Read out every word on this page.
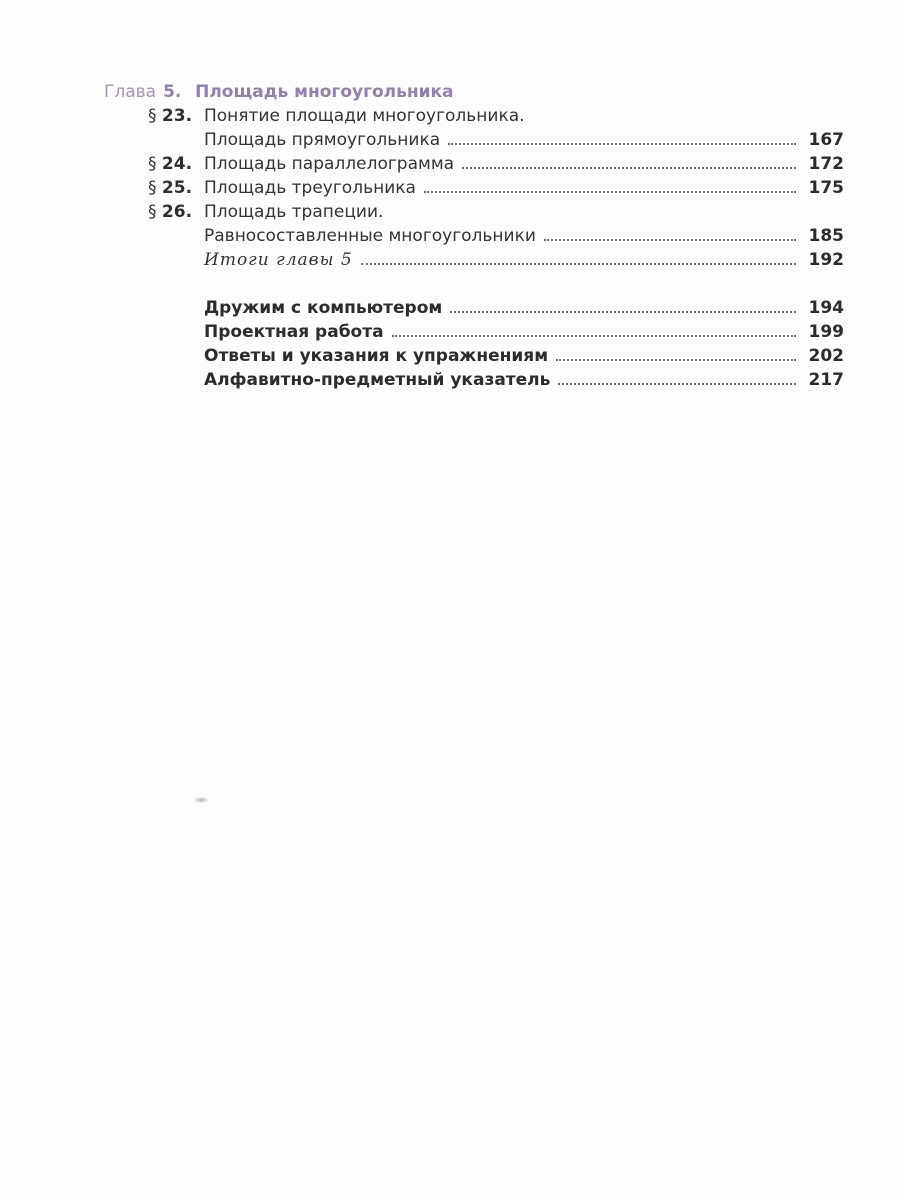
Глава 5. Площадь многоугольника
§ 23. Понятие площади многоугольника.
Площадь прямоугольника	167
§ 24. Площадь параллелограмма	172
§ 25. Площадь треугольника	175
§ 26. Площадь трапеции.
Равносоставленные многоугольники	185
Итоги главы 5	192
Дружим с компьютером	194
Проектная работа	199
Ответы и указания к упражнениям	202
Алфавитно-предметный указатель	217
